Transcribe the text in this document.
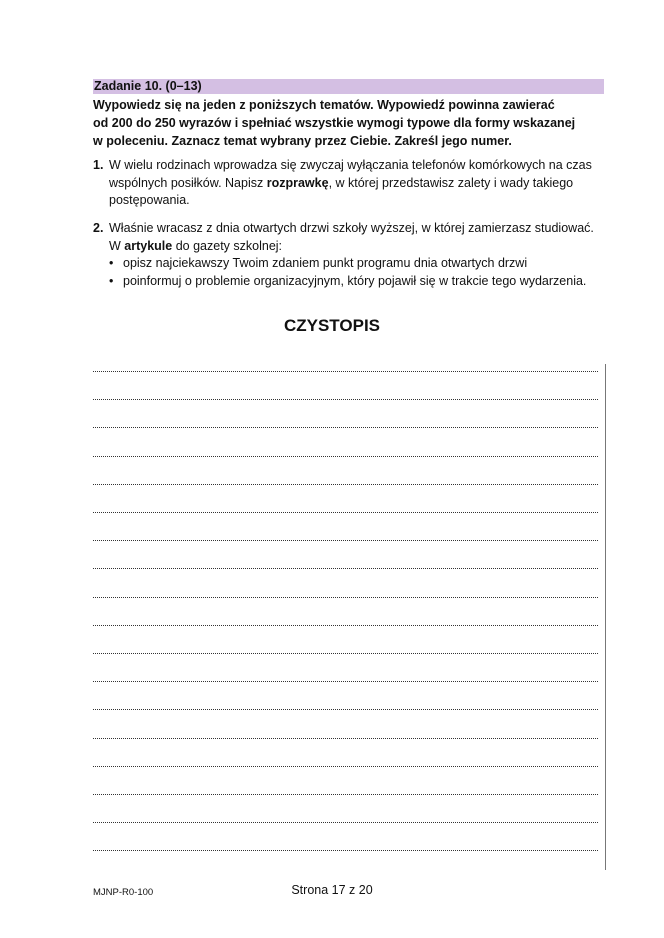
Zadanie 10. (0–13)
Wypowiedz się na jeden z poniższych tematów. Wypowiedź powinna zawierać
od 200 do 250 wyrazów i spełniać wszystkie wymogi typowe dla formy wskazanej
w poleceniu. Zaznacz temat wybrany przez Ciebie. Zakreśl jego numer.
1. W wielu rodzinach wprowadza się zwyczaj wyłączania telefonów komórkowych na czas
wspólnych posiłków. Napisz rozprawkę, w której przedstawisz zalety i wady takiego
postępowania.
2. Właśnie wracasz z dnia otwartych drzwi szkoły wyższej, w której zamierzasz studiować.
W artykule do gazety szkolnej:
• opisz najciekawszy Twoim zdaniem punkt programu dnia otwartych drzwi
• poinformuj o problemie organizacyjnym, który pojawił się w trakcie tego wydarzenia.
CZYSTOPIS
MJNP-R0-100	Strona 17 z 20
